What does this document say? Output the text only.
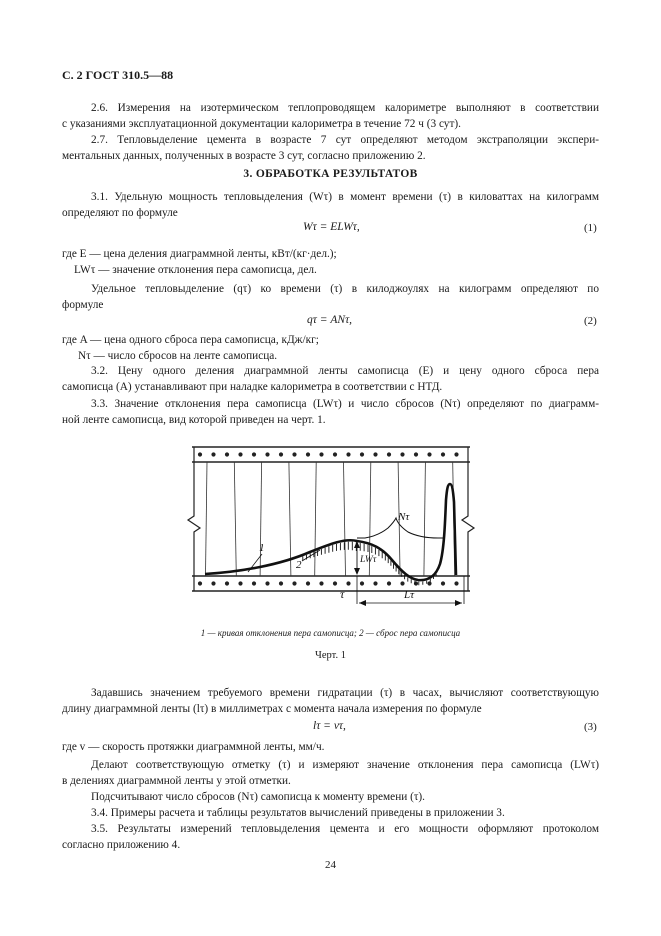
С. 2 ГОСТ 310.5—88
2.6. Измерения на изотермическом теплопроводящем калориметре выполняют в соответствии
с указаниями эксплуатационной документации калориметра в течение 72 ч (3 сут).
2.7. Тепловыделение цемента в возрасте 7 сут определяют методом экстраполяции экспери-
ментальных данных, полученных в возрасте 3 сут, согласно приложению 2.
3. ОБРАБОТКА РЕЗУЛЬТАТОВ
3.1. Удельную мощность тепловыделения (Wτ) в момент времени (τ) в киловаттах на килограмм
определяют по формуле
Wτ = ELWτ,	(1)
где E — цена деления диаграммной ленты, кВт/(кг·дел.);
LWτ — значение отклонения пера самописца, дел.
Удельное тепловыделение (qτ) ко времени (τ) в килоджоулях на килограмм определяют по
формуле
qτ = ANτ,	(2)
где A — цена одного сброса пера самописца, кДж/кг;
Nτ — число сбросов на ленте самописца.
3.2. Цену одного деления диаграммной ленты самописца (E) и цену одного сброса пера
самописца (A) устанавливают при наладке калориметра в соответствии с НТД.
3.3. Значение отклонения пера самописца (LWτ) и число сбросов (Nτ) определяют по диаграмм-
ной ленте самописца, вид которой приведен на черт. 1.
Nτ
1
2	LWτ
τ	Lτ
1 — кривая отклонения пера самописца; 2 — сброс пера самописца
Черт. 1
Задавшись значением требуемого времени гидратации (τ) в часах, вычисляют соответствующую
длину диаграммной ленты (lτ) в миллиметрах с момента начала измерения по формуле
lτ = vτ,	(3)
где v — скорость протяжки диаграммной ленты, мм/ч.
Делают соответствующую отметку (τ) и измеряют значение отклонения пера самописца (LWτ)
в делениях диаграммной ленты у этой отметки.
Подсчитывают число сбросов (Nτ) самописца к моменту времени (τ).
3.4. Примеры расчета и таблицы результатов вычислений приведены в приложении 3.
3.5. Результаты измерений тепловыделения цемента и его мощности оформляют протоколом
согласно приложению 4.
24
